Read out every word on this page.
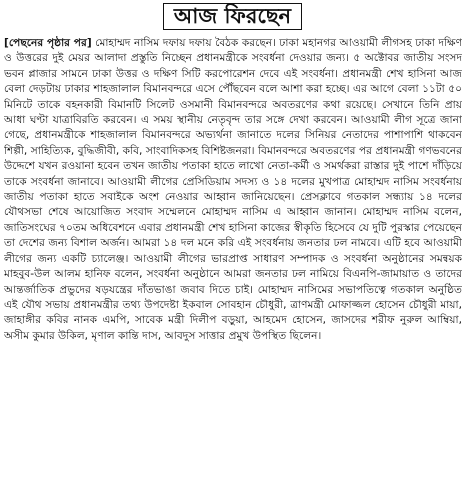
আজ ফিরছেন
[পেছনের পৃষ্ঠার পর] মোহাম্মদ নাসিম দফায় দফায় বৈঠক করছেন। ঢাকা মহানগর আওয়ামী লীগসহ ঢাকা দক্ষিণ ও উত্তরের দুই মেয়র আলাদা প্রস্তুতি নিচ্ছেন প্রধানমন্ত্রীকে সংবর্ধনা দেওয়ার জন্য। ৫ অক্টোবর জাতীয় সংসদ ভবন প্লাজার সামনে ঢাকা উত্তর ও দক্ষিণ সিটি করপোরেশন দেবে এই সংবর্ধনা। প্রধানমন্ত্রী শেখ হাসিনা আজ বেলা দেড়টায় ঢাকার শাহজালাল বিমানবন্দরে এসে পৌঁছবেন বলে আশা করা হচ্ছে। এর আগে বেলা ১১টা ৫০ মিনিটে তাকে বহনকারী বিমানটি সিলেট ওসমানী বিমানবন্দরে অবতরণের কথা রয়েছে। সেখানে তিনি প্রায় আধা ঘণ্টা যাত্রাবিরতি করবেন। এ সময় স্থানীয় নেতৃবৃন্দ তার সঙ্গে দেখা করবেন। আওয়ামী লীগ সূত্রে জানা গেছে, প্রধানমন্ত্রীকে শাহজালাল বিমানবন্দরে অভ্যর্থনা জানাতে দলের সিনিয়র নেতাদের পাশাপাশি থাকবেন শিল্পী, সাহিত্যিক, বুদ্ধিজীবী, কবি, সাংবাদিকসহ বিশিষ্টজনরা। বিমানবন্দরে অবতরণের পর প্রধানমন্ত্রী গণভবনের উদ্দেশে যখন রওয়ানা হবেন তখন জাতীয় পতাকা হাতে লাখো নেতা-কর্মী ও সমর্থকরা রাস্তার দুই পাশে দাঁড়িয়ে তাকে সংবর্ধনা জানাবে। আওয়ামী লীগের প্রেসিডিয়াম সদস্য ও ১৪ দলের মুখপাত্র মোহাম্মদ নাসিম সংবর্ধনায় জাতীয় পতাকা হাতে সবাইকে অংশ নেওয়ার আহ্বান জানিয়েছেন। প্রেসক্লাবে গতকাল সন্ধ্যায় ১৪ দলের যৌথসভা শেষে আয়োজিত সংবাদ সম্মেলনে মোহাম্মদ নাসিম এ আহ্বান জানান। মোহাম্মদ নাসিম বলেন, জাতিসংঘের ৭০তম অধিবেশনে এবার প্রধানমন্ত্রী শেখ হাসিনা কাজের স্বীকৃতি হিসেবে যে দুটি পুরস্কার পেয়েছেন তা দেশের জন্য বিশাল অর্জন। আমরা ১৪ দল মনে করি এই সংবর্ধনায় জনতার ঢল নামবে। এটি হবে আওয়ামী লীগের জন্য একটি চ্যালেঞ্জ। আওয়ামী লীগের ভারপ্রাপ্ত সাধারণ সম্পাদক ও সংবর্ধনা অনুষ্ঠানের সমন্বয়ক মাহবুব-উল আলম হানিফ বলেন, সংবর্ধনা অনুষ্ঠানে আমরা জনতার ঢল নামিয়ে বিএনপি-জামায়াত ও তাদের আন্তর্জাতিক প্রভুদের ষড়যন্ত্রের দাঁতভাঙা জবাব দিতে চাই। মোহাম্মদ নাসিমের সভাপতিত্বে গতকাল অনুষ্ঠিত এই যৌথ সভায় প্রধানমন্ত্রীর তথ্য উপদেষ্টা ইকবাল সোবহান চৌধুরী, ত্রাণমন্ত্রী মোফাজ্জল হোসেন চৌধুরী মায়া, জাহাঙ্গীর কবির নানক এমপি, সাবেক মন্ত্রী দিলীপ বড়ুয়া, আহমেদ হোসেন, জাসদের শরীফ নুরুল আম্বিয়া, অসীম কুমার উকিল, মৃণাল কান্তি দাস, আবদুস সাত্তার প্রমুখ উপস্থিত ছিলেন।
